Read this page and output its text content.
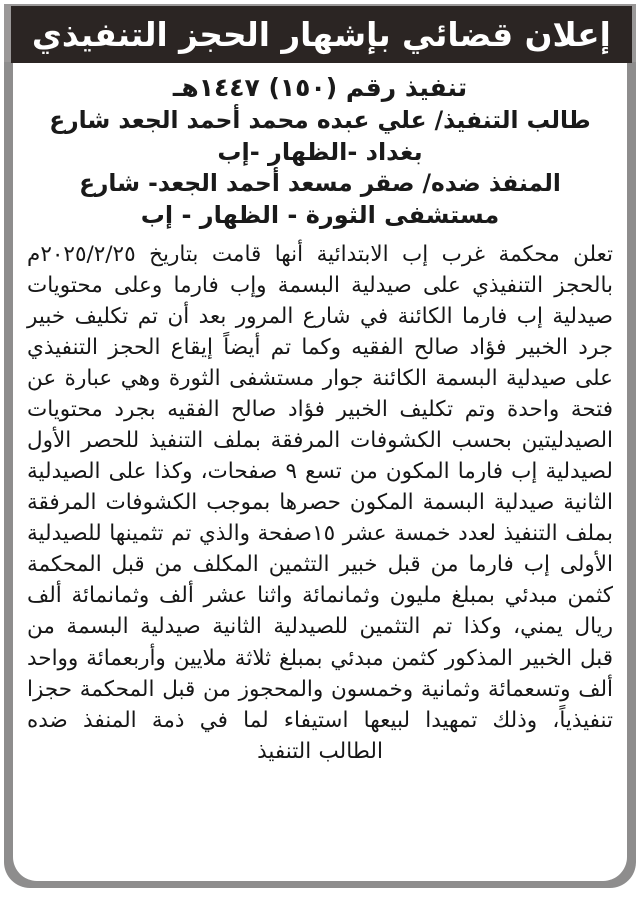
إعلان قضائي بإشهار الحجز التنفيذي
تنفيذ رقم (١٥٠) ١٤٤٧هـ
طالب التنفيذ/ علي عبده محمد أحمد الجعد شارع
بغداد -الظهار -إب
المنفذ ضده/ صقر مسعد أحمد الجعد- شارع
مستشفى الثورة - الظهار - إب

تعلن محكمة غرب إب الابتدائية أنها قامت بتاريخ ٢٠٢٥/٢/٢٥م بالحجز التنفيذي على صيدلية البسمة وإب فارما وعلى محتويات صيدلية إب فارما الكائنة في شارع المرور بعد أن تم تكليف خبير جرد الخبير فؤاد صالح الفقيه وكما تم أيضاً إيقاع الحجز التنفيذي على صيدلية البسمة الكائنة جوار مستشفى الثورة وهي عبارة عن فتحة واحدة وتم تكليف الخبير فؤاد صالح الفقيه بجرد محتويات الصيدليتين بحسب الكشوفات المرفقة بملف التنفيذ للحصر الأول لصيدلية إب فارما المكون من تسع ٩ صفحات، وكذا على الصيدلية الثانية صيدلية البسمة المكون حصرها بموجب الكشوفات المرفقة بملف التنفيذ لعدد خمسة عشر ١٥صفحة والذي تم تثمينها للصيدلية الأولى إب فارما من قبل خبير التثمين المكلف من قبل المحكمة كثمن مبدئي بمبلغ مليون وثمانمائة واثنا عشر ألف وثمانمائة ألف ريال يمني، وكذا تم التثمين للصيدلية الثانية صيدلية البسمة من قبل الخبير المذكور كثمن مبدئي بمبلغ ثلاثة ملايين وأربعمائة وواحد ألف وتسعمائة وثمانية وخمسون والمحجوز من قبل المحكمة حجزا تنفيذياً، وذلك تمهيدا لبيعها استيفاء لما في ذمة المنفذ ضده الطالب التنفيذ
